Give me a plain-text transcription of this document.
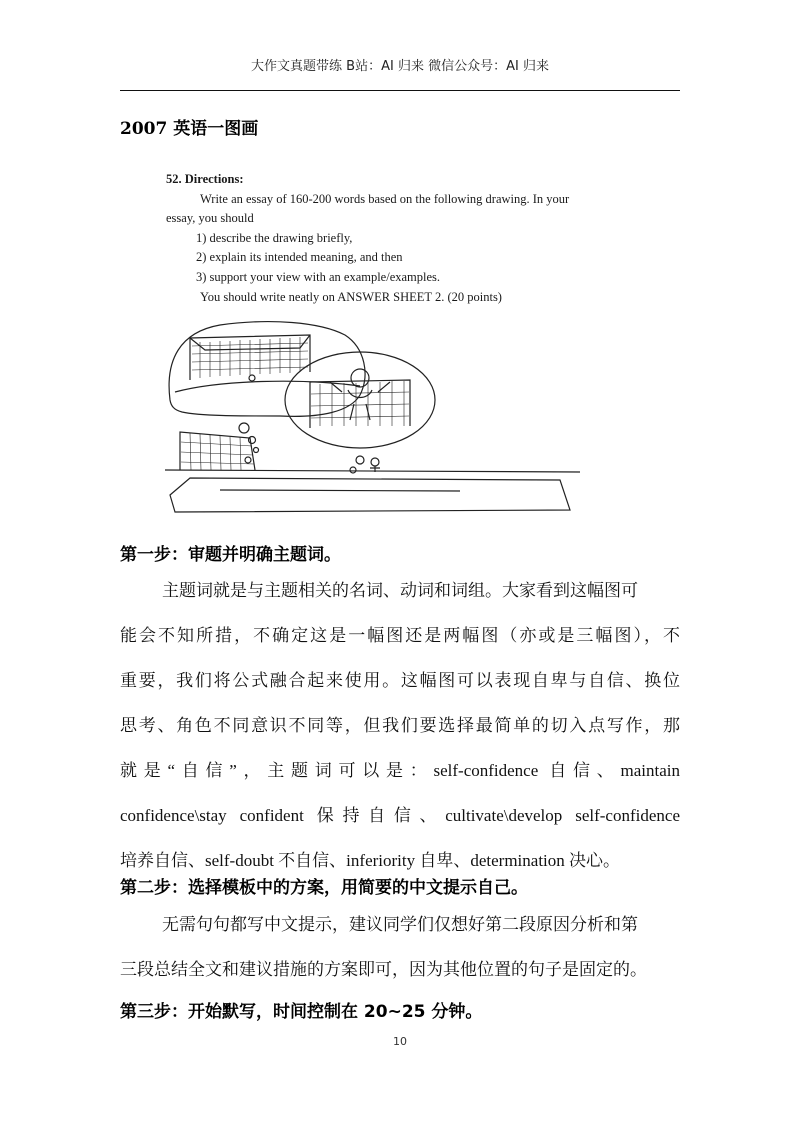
大作文真题带练 B站：AI 归来 微信公众号：AI 归来
2007 英语一图画
52. Directions:
Write an essay of 160-200 words based on the following drawing. In your
essay, you should
1) describe the drawing briefly,
2) explain its intended meaning, and then
3) support your view with an example/examples.
You should write neatly on ANSWER SHEET 2. (20 points)
第一步：审题并明确主题词。
主题词就是与主题相关的名词、动词和词组。大家看到这幅图可
能会不知所措，不确定这是一幅图还是两幅图（亦或是三幅图），不
重要，我们将公式融合起来使用。这幅图可以表现自卑与自信、换位
思考、角色不同意识不同等，但我们要选择最简单的切入点写作，那
就是“自信”，主题词可以是：self-confidence 自信、maintain
confidence\stay confident 保持自信、cultivate\develop self-confidence
培养自信、self-doubt 不自信、inferiority 自卑、determination 决心。
第二步：选择模板中的方案，用简要的中文提示自己。
无需句句都写中文提示，建议同学们仅想好第二段原因分析和第
三段总结全文和建议措施的方案即可，因为其他位置的句子是固定的。
第三步：开始默写，时间控制在 20~25 分钟。
10
